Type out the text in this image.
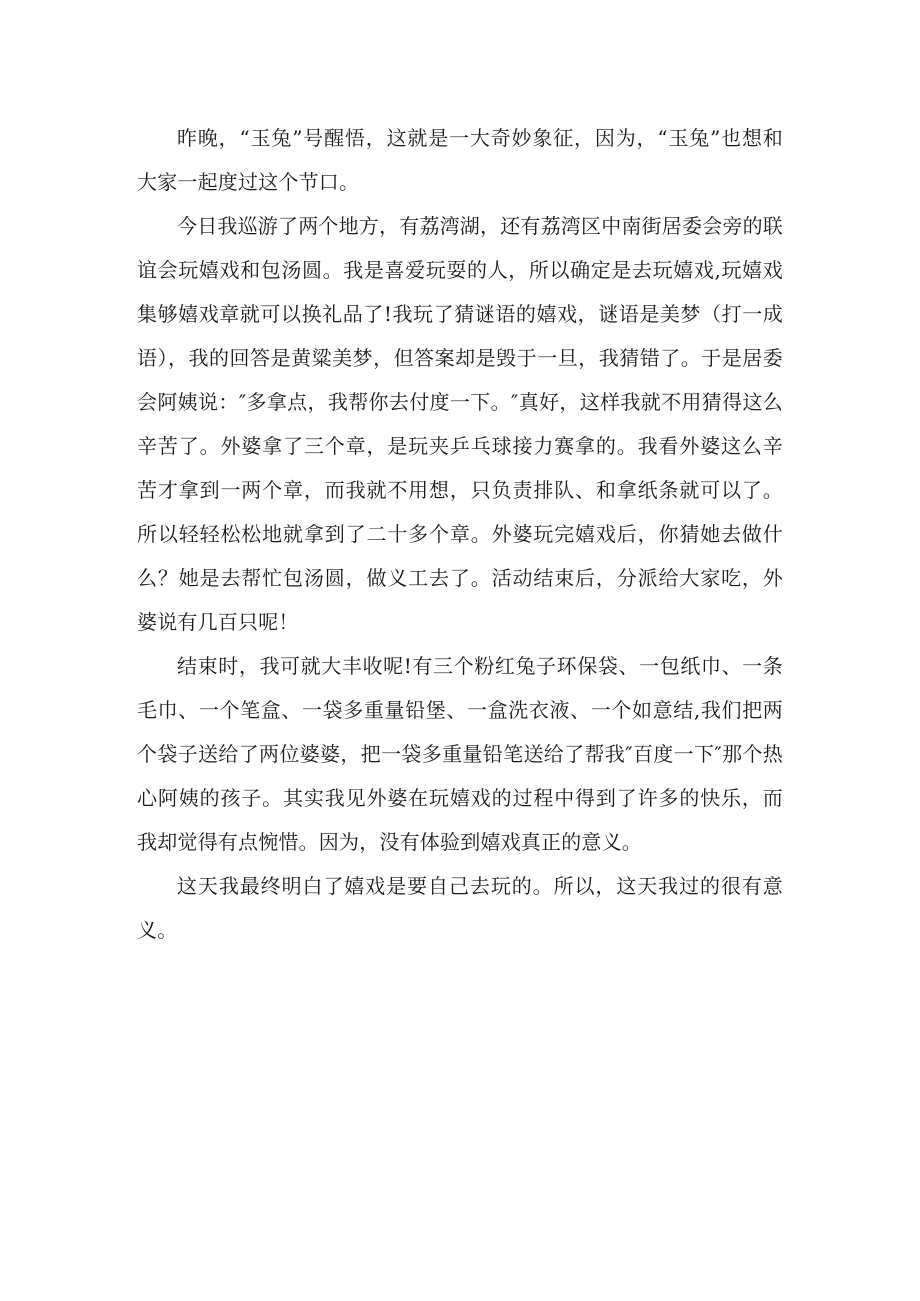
昨晚，“玉兔”号醒悟，这就是一大奇妙象征，因为，“玉兔”也想和大家一起度过这个节口。

今日我巡游了两个地方，有荔湾湖，还有荔湾区中南街居委会旁的联谊会玩嬉戏和包汤圆。我是喜爱玩耍的人，所以确定是去玩嬉戏,玩嬉戏集够嬉戏章就可以换礼品了!我玩了猜谜语的嬉戏，谜语是美梦（打一成语），我的回答是黄粱美梦，但答案却是毁于一旦，我猜错了。于是居委会阿姨说：″多拿点，我帮你去付度一下。″真好，这样我就不用猜得这么辛苦了。外婆拿了三个章，是玩夹乒乓球接力赛拿的。我看外婆这么辛苦才拿到一两个章，而我就不用想，只负责排队、和拿纸条就可以了。所以轻轻松松地就拿到了二十多个章。外婆玩完嬉戏后，你猜她去做什么？她是去帮忙包汤圆，做义工去了。活动结束后，分派给大家吃，外婆说有几百只呢！

结束时，我可就大丰收呢!有三个粉红兔子环保袋、一包纸巾、一条毛巾、一个笔盒、一袋多重量铅堡、一盒洗衣液、一个如意结,我们把两个袋子送给了两位婆婆，把一袋多重量铅笔送给了帮我″百度一下″那个热心阿姨的孩子。其实我见外婆在玩嬉戏的过程中得到了许多的快乐，而我却觉得有点惋惜。因为，没有体验到嬉戏真正的意义。

这天我最终明白了嬉戏是要自己去玩的。所以，这天我过的很有意义。
